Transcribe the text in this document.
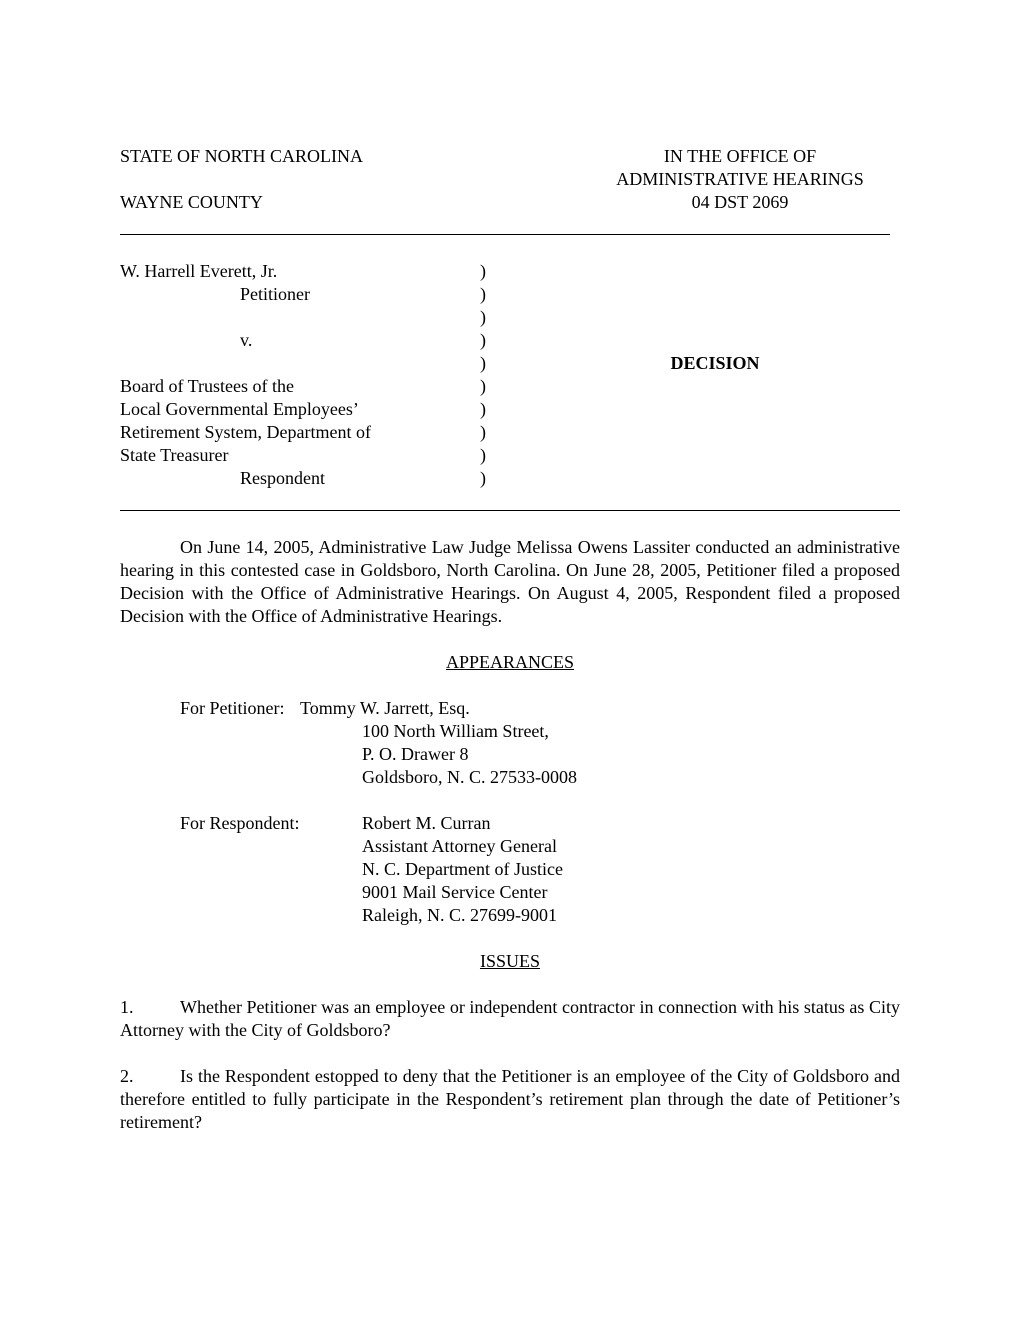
STATE OF NORTH CAROLINA
WAYNE COUNTY
IN THE OFFICE OF
ADMINISTRATIVE HEARINGS
04 DST 2069
W. Harrell Everett, Jr.
Petitioner
v.
Board of Trustees of the
Local Governmental Employees’
Retirement System, Department of
State Treasurer
Respondent
)
)
)
)
)
)
)
)
)
)
DECISION
On June 14, 2005, Administrative Law Judge Melissa Owens Lassiter conducted an administrative hearing in this contested case in Goldsboro, North Carolina. On June 28, 2005, Petitioner filed a proposed Decision with the Office of Administrative Hearings. On August 4, 2005, Respondent filed a proposed Decision with the Office of Administrative Hearings.
APPEARANCES
For Petitioner: Tommy W. Jarrett, Esq.
100 North William Street,
P. O. Drawer 8
Goldsboro, N. C. 27533-0008
For Respondent:	Robert M. Curran
Assistant Attorney General
N. C. Department of Justice
9001 Mail Service Center
Raleigh, N. C. 27699-9001
ISSUES
1.	Whether Petitioner was an employee or independent contractor in connection with his status as City Attorney with the City of Goldsboro?
2.	Is the Respondent estopped to deny that the Petitioner is an employee of the City of Goldsboro and therefore entitled to fully participate in the Respondent’s retirement plan through the date of Petitioner’s retirement?
